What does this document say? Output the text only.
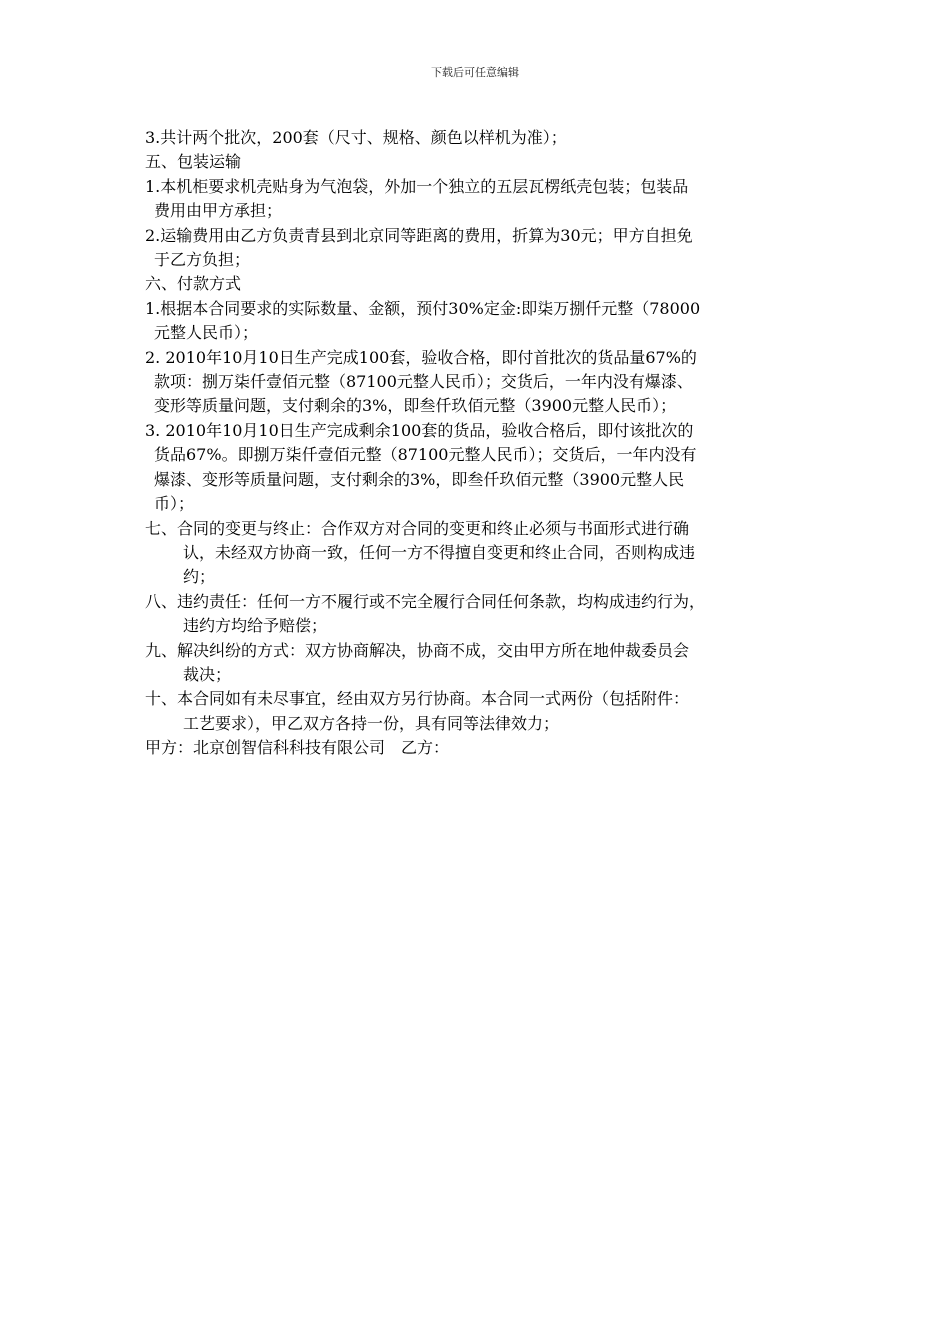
下载后可任意编辑
3.共计两个批次，200套（尺寸、规格、颜色以样机为准）；
五、包装运输
1.本机柜要求机壳贴身为气泡袋，外加一个独立的五层瓦楞纸壳包装；包装品
费用由甲方承担；
2.运输费用由乙方负责青县到北京同等距离的费用，折算为30元；甲方自担免
于乙方负担；
六、付款方式
1.根据本合同要求的实际数量、金额，预付30%定金:即柒万捌仟元整（78000
元整人民币）；
2. 2010年10月10日生产完成100套，验收合格，即付首批次的货品量67%的
款项：捌万柒仟壹佰元整（87100元整人民币）；交货后，一年内没有爆漆、
变形等质量问题，支付剩余的3%，即叁仟玖佰元整（3900元整人民币）；
3. 2010年10月10日生产完成剩余100套的货品，验收合格后，即付该批次的
货品67%。即捌万柒仟壹佰元整（87100元整人民币）；交货后，一年内没有
爆漆、变形等质量问题，支付剩余的3%，即叁仟玖佰元整（3900元整人民
币）；
七、合同的变更与终止：合作双方对合同的变更和终止必须与书面形式进行确
认，未经双方协商一致，任何一方不得擅自变更和终止合同，否则构成违
约；
八、违约责任：任何一方不履行或不完全履行合同任何条款，均构成违约行为，
违约方均给予赔偿；
九、解决纠纷的方式：双方协商解决，协商不成，交由甲方所在地仲裁委员会
裁决；
十、本合同如有未尽事宜，经由双方另行协商。本合同一式两份（包括附件：
工艺要求），甲乙双方各持一份，具有同等法律效力；
甲方：北京创智信科科技有限公司　乙方：
